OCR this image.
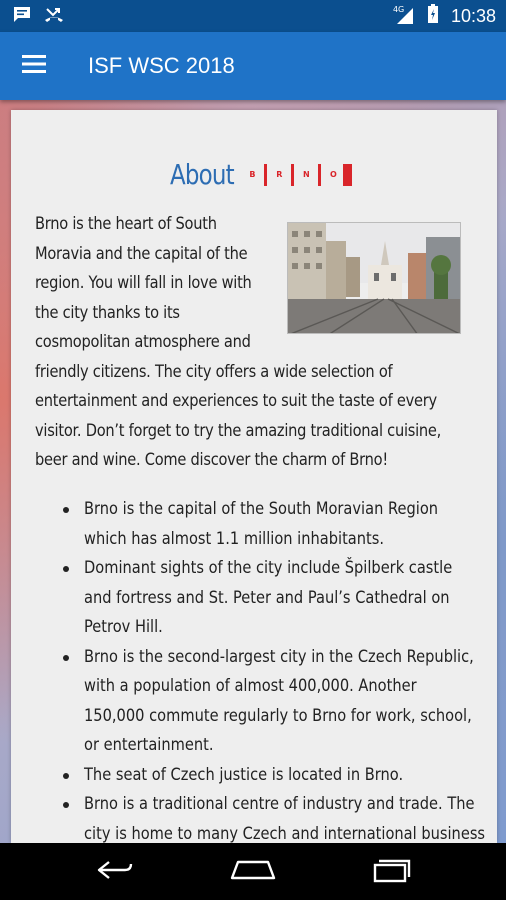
4G	10:38
ISF WSC 2018
About	B	R	N	O
Brno is the heart of South
Moravia and the capital of the
region. You will fall in love with
the city thanks to its
cosmopolitan atmosphere and
friendly citizens. The city offers a wide selection of
entertainment and experiences to suit the taste of every
visitor. Don’t forget to try the amazing traditional cuisine,
beer and wine. Come discover the charm of Brno!
Brno is the capital of the South Moravian Region
which has almost 1.1 million inhabitants.
Dominant sights of the city include Špilberk castle
and fortress and St. Peter and Paul’s Cathedral on
Petrov Hill.
Brno is the second-largest city in the Czech Republic,
with a population of almost 400,000. Another
150,000 commute regularly to Brno for work, school,
or entertainment.
The seat of Czech justice is located in Brno.
Brno is a traditional centre of industry and trade. The
city is home to many Czech and international business
